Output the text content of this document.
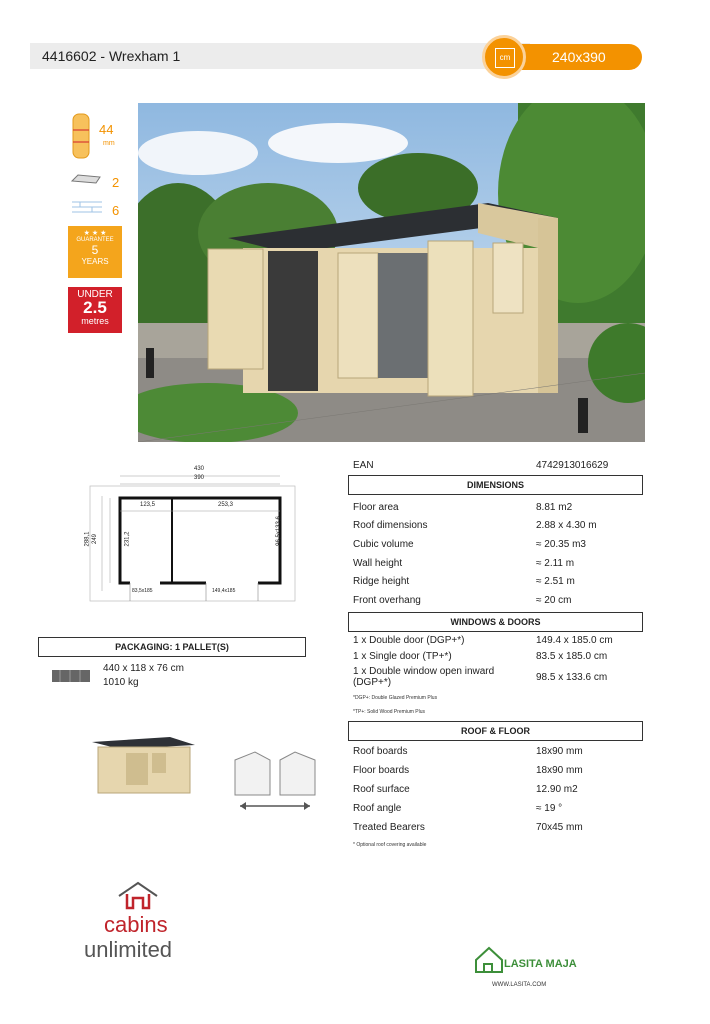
4416602 - Wrexham 1	240x390
cm
44
mm
2
6
★ ★ ★
GUARANTEE
5
YEARS
UNDER
2.5
metres
430
390
123,5	253,3
288,1 249	231,2	96,5x133,6
83,5x185	149,4x185
PACKAGING: 1 PALLET(S)
440 x 118 x 76 cm
1010 kg
EAN	4742913016629
DIMENSIONS
Floor area	8.81 m2
Roof dimensions	2.88 x 4.30 m
Cubic volume	≈ 20.35 m3
Wall height	≈ 2.11 m
Ridge height	≈ 2.51 m
Front overhang	≈ 20 cm
WINDOWS & DOORS
1 x Double door (DGP+*)	149.4 x 185.0 cm
1 x Single door (TP+*)	83.5 x 185.0 cm
1 x Double window open inward (DGP+*)	98.5 x 133.6 cm
*DGP+: Double Glazed Premium Plus
*TP+: Solid Wood Premium Plus
ROOF & FLOOR
Roof boards	18x90 mm
Floor boards	18x90 mm
Roof surface	12.90 m2
Roof angle	≈ 19 °
Treated Bearers	70x45 mm
* Optional roof covering available
cabins
unlimited
LASITA MAJA
WWW.LASITA.COM
